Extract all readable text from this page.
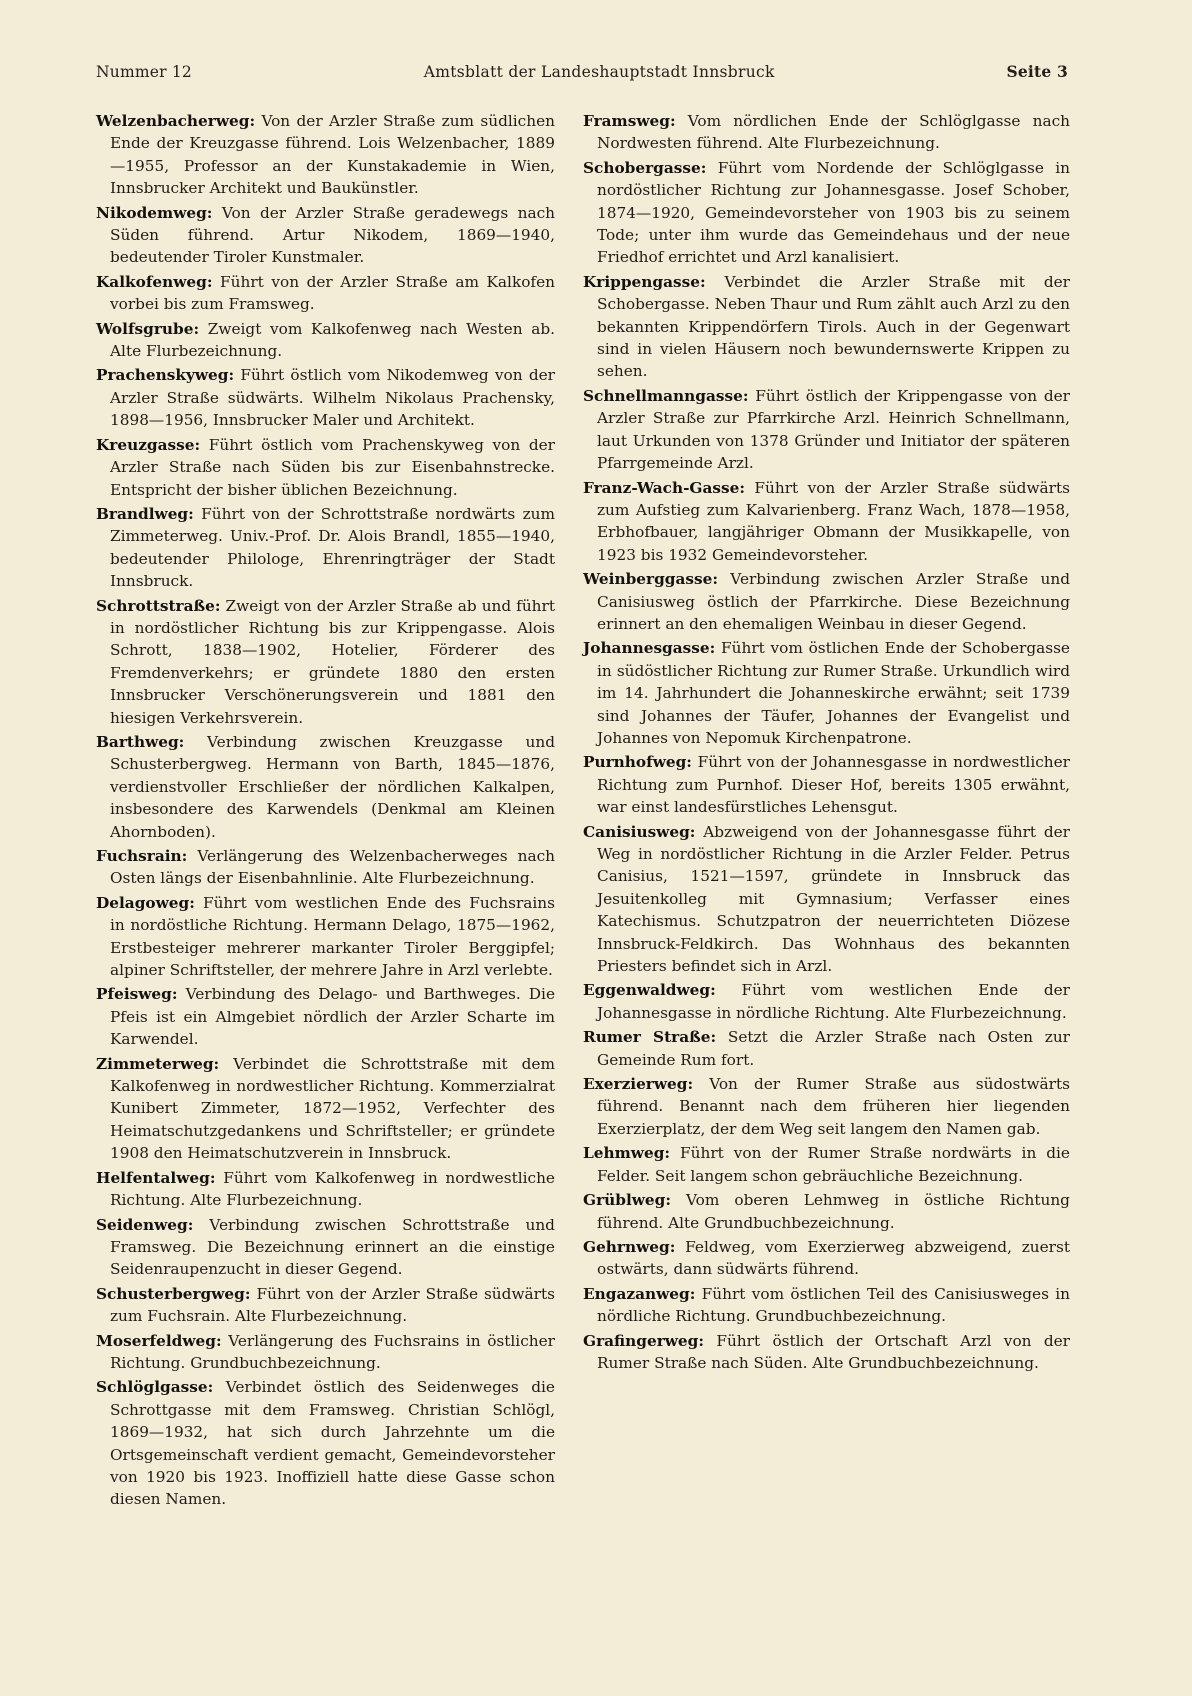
Nummer 12	Amtsblatt der Landeshauptstadt Innsbruck	Seite 3

Welzenbacherweg: Von der Arzler Straße zum südlichen Ende der Kreuzgasse führend. Lois Welzenbacher, 1889—1955, Professor an der Kunstakademie in Wien, Innsbrucker Architekt und Baukünstler.

Nikodemweg: Von der Arzler Straße geradewegs nach Süden führend. Artur Nikodem, 1869—1940, bedeutender Tiroler Kunstmaler.

Kalkofenweg: Führt von der Arzler Straße am Kalkofen vorbei bis zum Framsweg.

Wolfsgrube: Zweigt vom Kalkofenweg nach Westen ab. Alte Flurbezeichnung.

Prachenskyweg: Führt östlich vom Nikodemweg von der Arzler Straße südwärts. Wilhelm Nikolaus Prachensky, 1898—1956, Innsbrucker Maler und Architekt.

Kreuzgasse: Führt östlich vom Prachenskyweg von der Arzler Straße nach Süden bis zur Eisenbahnstrecke. Entspricht der bisher üblichen Bezeichnung.

Brandlweg: Führt von der Schrottstraße nordwärts zum Zimmeterweg. Univ.-Prof. Dr. Alois Brandl, 1855—1940, bedeutender Philologe, Ehrenringträger der Stadt Innsbruck.

Schrottstraße: Zweigt von der Arzler Straße ab und führt in nordöstlicher Richtung bis zur Krippengasse. Alois Schrott, 1838—1902, Hotelier, Förderer des Fremdenverkehrs; er gründete 1880 den ersten Innsbrucker Verschönerungsverein und 1881 den hiesigen Verkehrsverein.

Barthweg: Verbindung zwischen Kreuzgasse und Schusterbergweg. Hermann von Barth, 1845—1876, verdienstvoller Erschließer der nördlichen Kalkalpen, insbesondere des Karwendels (Denkmal am Kleinen Ahornboden).

Fuchsrain: Verlängerung des Welzenbacherweges nach Osten längs der Eisenbahnlinie. Alte Flurbezeichnung.

Delagoweg: Führt vom westlichen Ende des Fuchsrains in nordöstliche Richtung. Hermann Delago, 1875—1962, Erstbesteiger mehrerer markanter Tiroler Berggipfel; alpiner Schriftsteller, der mehrere Jahre in Arzl verlebte.

Pfeisweg: Verbindung des Delago- und Barthweges. Die Pfeis ist ein Almgebiet nördlich der Arzler Scharte im Karwendel.

Zimmeterweg: Verbindet die Schrottstraße mit dem Kalkofenweg in nordwestlicher Richtung. Kommerzialrat Kunibert Zimmeter, 1872—1952, Verfechter des Heimatschutzgedankens und Schriftsteller; er gründete 1908 den Heimatschutzverein in Innsbruck.

Helfentalweg: Führt vom Kalkofenweg in nordwestliche Richtung. Alte Flurbezeichnung.

Seidenweg: Verbindung zwischen Schrottstraße und Framsweg. Die Bezeichnung erinnert an die einstige Seidenraupenzucht in dieser Gegend.

Schusterbergweg: Führt von der Arzler Straße südwärts zum Fuchsrain. Alte Flurbezeichnung.

Moserfeldweg: Verlängerung des Fuchsrains in östlicher Richtung. Grundbuchbezeichnung.

Schlöglgasse: Verbindet östlich des Seidenweges die Schrottgasse mit dem Framsweg. Christian Schlögl, 1869—1932, hat sich durch Jahrzehnte um die Ortsgemeinschaft verdient gemacht, Gemeindevorsteher von 1920 bis 1923. Inoffiziell hatte diese Gasse schon diesen Namen.

Framsweg: Vom nördlichen Ende der Schlöglgasse nach Nordwesten führend. Alte Flurbezeichnung.

Schobergasse: Führt vom Nordende der Schlöglgasse in nordöstlicher Richtung zur Johannesgasse. Josef Schober, 1874—1920, Gemeindevorsteher von 1903 bis zu seinem Tode; unter ihm wurde das Gemeindehaus und der neue Friedhof errichtet und Arzl kanalisiert.

Krippengasse: Verbindet die Arzler Straße mit der Schobergasse. Neben Thaur und Rum zählt auch Arzl zu den bekannten Krippendörfern Tirols. Auch in der Gegenwart sind in vielen Häusern noch bewundernswerte Krippen zu sehen.

Schnellmanngasse: Führt östlich der Krippengasse von der Arzler Straße zur Pfarrkirche Arzl. Heinrich Schnellmann, laut Urkunden von 1378 Gründer und Initiator der späteren Pfarrgemeinde Arzl.

Franz-Wach-Gasse: Führt von der Arzler Straße südwärts zum Aufstieg zum Kalvarienberg. Franz Wach, 1878—1958, Erbhofbauer, langjähriger Obmann der Musikkapelle, von 1923 bis 1932 Gemeindevorsteher.

Weinberggasse: Verbindung zwischen Arzler Straße und Canisiusweg östlich der Pfarrkirche. Diese Bezeichnung erinnert an den ehemaligen Weinbau in dieser Gegend.

Johannesgasse: Führt vom östlichen Ende der Schobergasse in südöstlicher Richtung zur Rumer Straße. Urkundlich wird im 14. Jahrhundert die Johanneskirche erwähnt; seit 1739 sind Johannes der Täufer, Johannes der Evangelist und Johannes von Nepomuk Kirchenpatrone.

Purnhofweg: Führt von der Johannesgasse in nordwestlicher Richtung zum Purnhof. Dieser Hof, bereits 1305 erwähnt, war einst landesfürstliches Lehensgut.

Canisiusweg: Abzweigend von der Johannesgasse führt der Weg in nordöstlicher Richtung in die Arzler Felder. Petrus Canisius, 1521—1597, gründete in Innsbruck das Jesuitenkolleg mit Gymnasium; Verfasser eines Katechismus. Schutzpatron der neuerrichteten Diözese Innsbruck-Feldkirch. Das Wohnhaus des bekannten Priesters befindet sich in Arzl.

Eggenwaldweg: Führt vom westlichen Ende der Johannesgasse in nördliche Richtung. Alte Flurbezeichnung.

Rumer Straße: Setzt die Arzler Straße nach Osten zur Gemeinde Rum fort.

Exerzierweg: Von der Rumer Straße aus südostwärts führend. Benannt nach dem früheren hier liegenden Exerzierplatz, der dem Weg seit langem den Namen gab.

Lehmweg: Führt von der Rumer Straße nordwärts in die Felder. Seit langem schon gebräuchliche Bezeichnung.

Grüblweg: Vom oberen Lehmweg in östliche Richtung führend. Alte Grundbuchbezeichnung.

Gehrnweg: Feldweg, vom Exerzierweg abzweigend, zuerst ostwärts, dann südwärts führend.

Engazanweg: Führt vom östlichen Teil des Canisiusweges in nördliche Richtung. Grundbuchbezeichnung.

Grafingerweg: Führt östlich der Ortschaft Arzl von der Rumer Straße nach Süden. Alte Grundbuchbezeichnung.
